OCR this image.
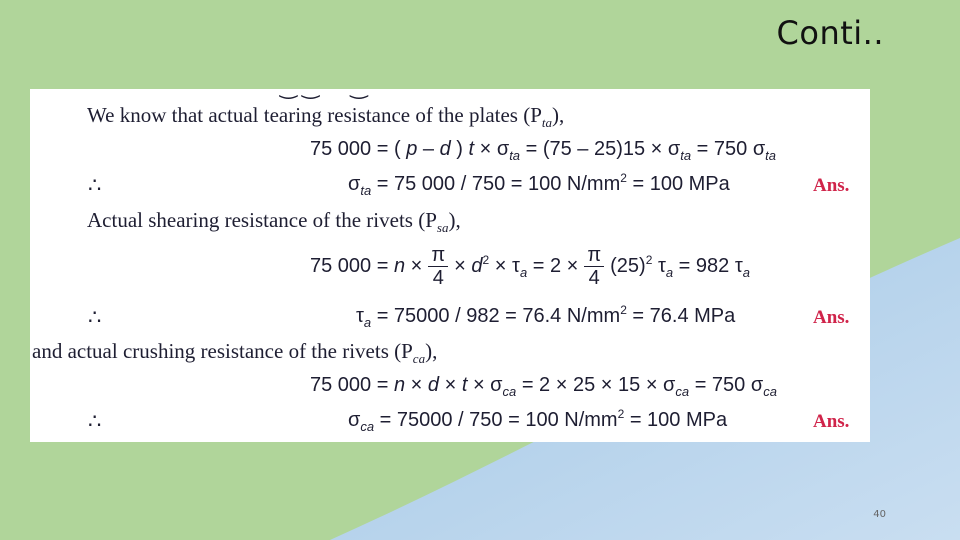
Conti..
‿ ‿      ‿
We know that actual tearing resistance of the plates $(P_{ta})$,
75 000 = ( p – d ) $t \times \sigma_{ta} = (75 - 25)15 \times \sigma_{ta} = 750$ $\sigma_{ta}$
∴	$\sigma_{ta} = 75$ 000 / 750 = 100 $N/mm^2 = 100$ MPa	Ans.
Actual shearing resistance of the rivets $(P_{sa})$,
75 $000 = n \times \frac{\pi}{4} \times d^2 \times \tau_a = 2 \times \frac{\pi}{4} (25)^2$ $\tau_a = 982$ $\tau_a$
∴	$\tau_a = 75000 / 982 = 76.4$ $N/mm^2 = 76.4$ MPa	Ans.
and actual crushing resistance of the rivets $(P_{ca})$,
75 $000 = n \times d \times t \times \sigma_{ca} = 2 \times 25 \times 15 \times \sigma_{ca} = 750$ $\sigma_{ca}$
∴	$\sigma_{ca} = 75000 / 750 = 100$ $N/mm^2 = 100$ MPa	Ans.
40
